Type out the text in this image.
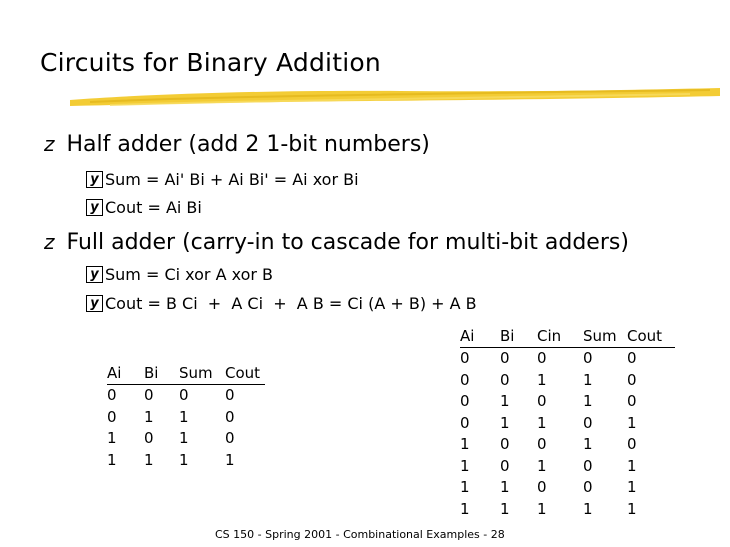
Circuits for Binary Addition
z Half adder (add 2 1-bit numbers)
y Sum = Ai' Bi + Ai Bi' = Ai xor Bi
y Cout = Ai Bi
z Full adder (carry-in to cascade for multi-bit adders)
y Sum = Ci xor A xor B
y Cout = B Ci  +  A Ci  +  A B = Ci (A + B) + A B
Ai	Bi	Sum	Cout
0	0	0	0
0	1	1	0
1	0	1	0
1	1	1	1
Ai	Bi	Cin	Sum	Cout
0	0	0	0	0
0	0	1	1	0
0	1	0	1	0
0	1	1	0	1
1	0	0	1	0
1	0	1	0	1
1	1	0	0	1
1	1	1	1	1
CS 150 - Spring 2001 - Combinational Examples - 28
